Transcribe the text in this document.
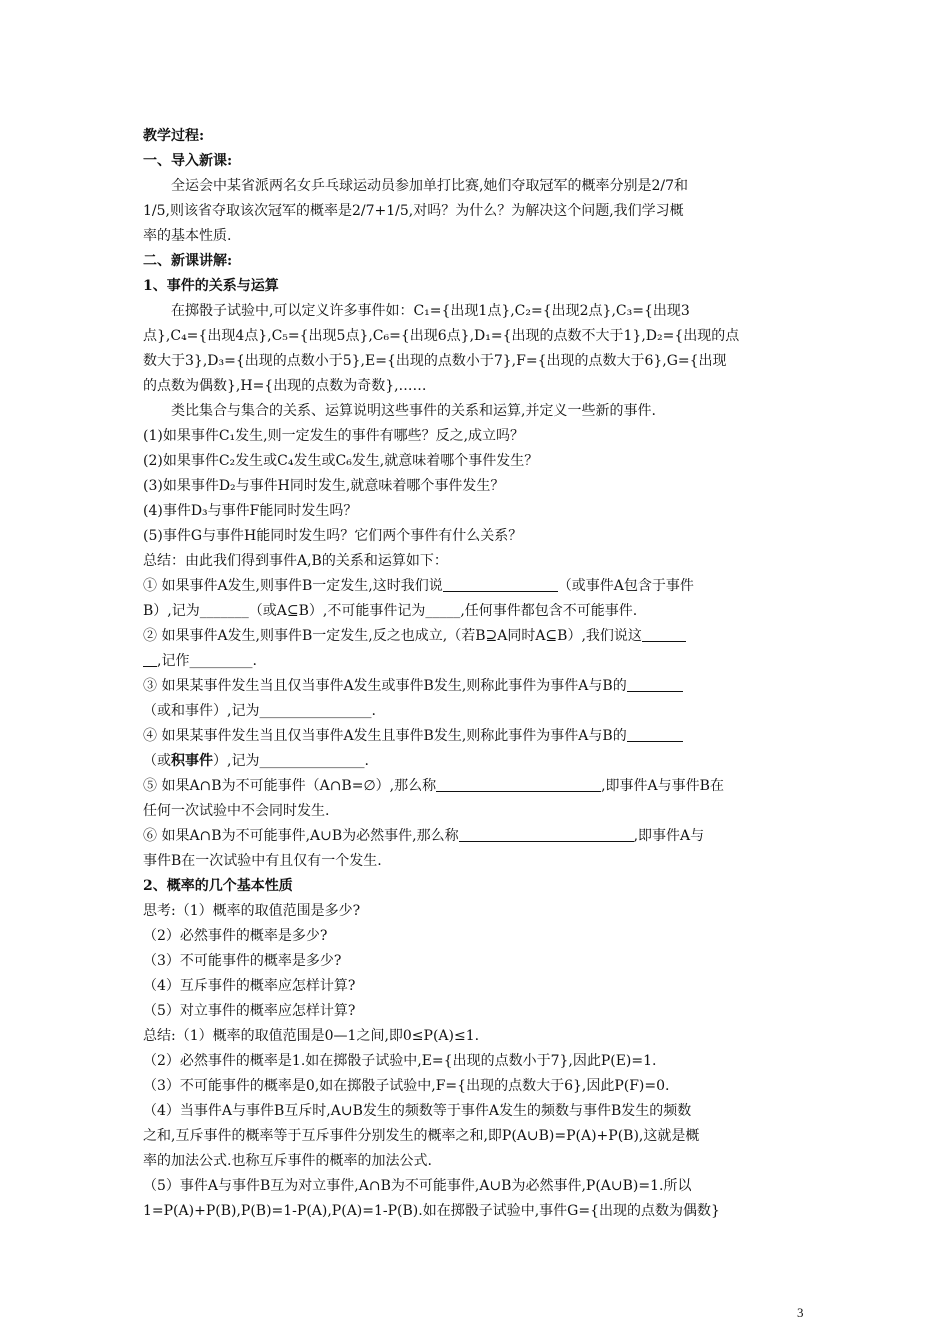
教学过程:
一、导入新课:
全运会中某省派两名女乒乓球运动员参加单打比赛,她们夺取冠军的概率分别是2/7和
1/5,则该省夺取该次冠军的概率是2/7+1/5,对吗？为什么？为解决这个问题,我们学习概
率的基本性质.
二、新课讲解:
1、事件的关系与运算
在掷骰子试验中,可以定义许多事件如：C₁={出现1点},C₂={出现2点},C₃={出现3
点},C₄={出现4点},C₅={出现5点},C₆={出现6点},D₁={出现的点数不大于1},D₂={出现的点
数大于3},D₃={出现的点数小于5},E={出现的点数小于7},F={出现的点数大于6},G={出现
的点数为偶数},H={出现的点数为奇数},……
类比集合与集合的关系、运算说明这些事件的关系和运算,并定义一些新的事件.
(1)如果事件C₁发生,则一定发生的事件有哪些？反之,成立吗？
(2)如果事件C₂发生或C₄发生或C₆发生,就意味着哪个事件发生？
(3)如果事件D₂与事件H同时发生,就意味着哪个事件发生？
(4)事件D₃与事件F能同时发生吗？
(5)事件G与事件H能同时发生吗？它们两个事件有什么关系？
总结：由此我们得到事件A,B的关系和运算如下：
① 如果事件A发生,则事件B一定发生,这时我们说	（或事件A包含于事件
B）,记为_______（或A⊆B）,不可能事件记为_____,任何事件都包含不可能事件.
② 如果事件A发生,则事件B一定发生,反之也成立,（若B⊇A同时A⊆B）,我们说这
,记作_________.
③ 如果某事件发生当且仅当事件A发生或事件B发生,则称此事件为事件A与B的
（或和事件）,记为________________.
④ 如果某事件发生当且仅当事件A发生且事件B发生,则称此事件为事件A与B的
（或积事件）,记为_______________.
⑤ 如果A∩B为不可能事件（A∩B=∅）,那么称	,即事件A与事件B在
任何一次试验中不会同时发生.
⑥ 如果A∩B为不可能事件,A∪B为必然事件,那么称	,即事件A与
事件B在一次试验中有且仅有一个发生.
2、概率的几个基本性质
思考:（1）概率的取值范围是多少?
（2）必然事件的概率是多少?
（3）不可能事件的概率是多少?
（4）互斥事件的概率应怎样计算?
（5）对立事件的概率应怎样计算?
总结:（1）概率的取值范围是0—1之间,即0≤P(A)≤1.
（2）必然事件的概率是1.如在掷骰子试验中,E={出现的点数小于7},因此P(E)=1.
（3）不可能事件的概率是0,如在掷骰子试验中,F={出现的点数大于6},因此P(F)=0.
（4）当事件A与事件B互斥时,A∪B发生的频数等于事件A发生的频数与事件B发生的频数
之和,互斥事件的概率等于互斥事件分别发生的概率之和,即P(A∪B)=P(A)+P(B),这就是概
率的加法公式.也称互斥事件的概率的加法公式.
（5）事件A与事件B互为对立事件,A∩B为不可能事件,A∪B为必然事件,P(A∪B)=1.所以
1=P(A)+P(B),P(B)=1-P(A),P(A)=1-P(B).如在掷骰子试验中,事件G={出现的点数为偶数}
3
